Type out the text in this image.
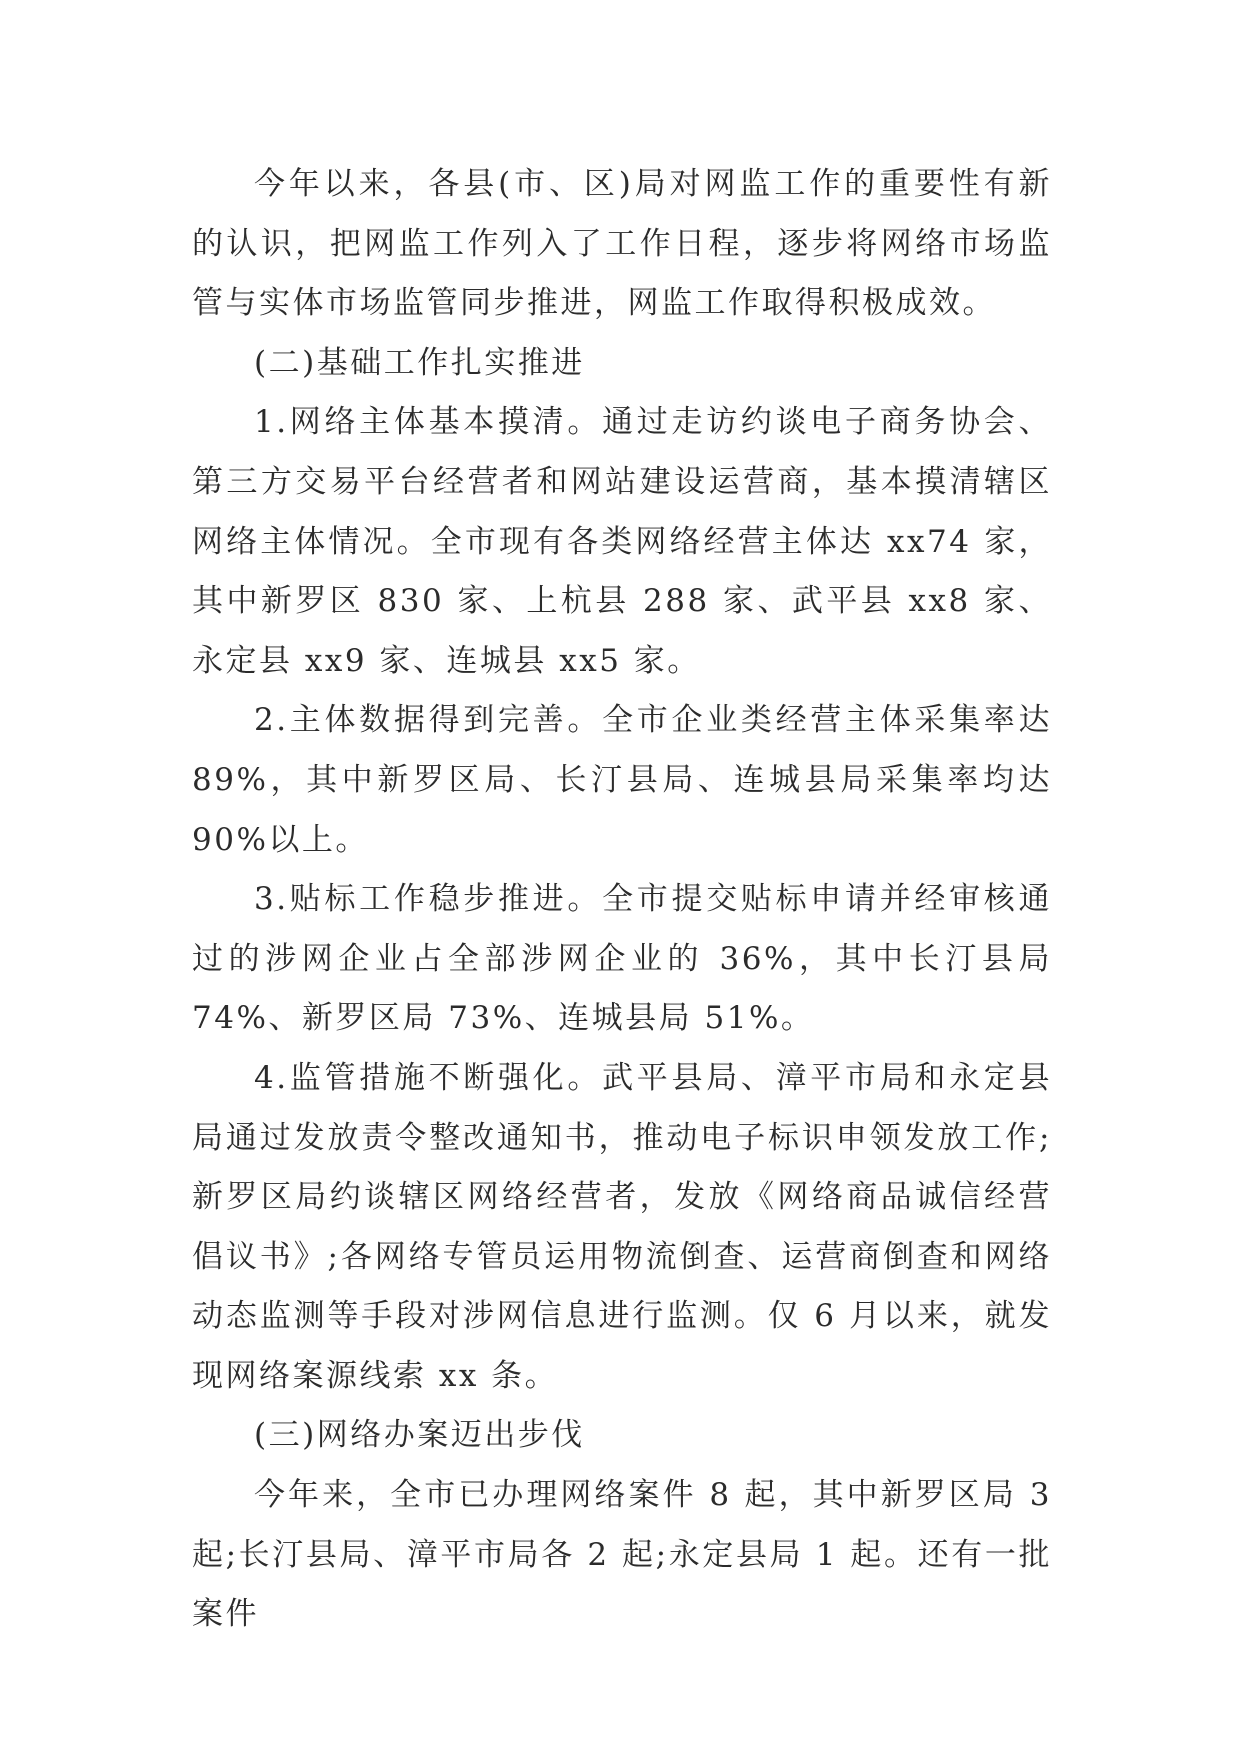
今年以来，各县(市、区)局对网监工作的重要性有新的认识，把网监工作列入了工作日程，逐步将网络市场监管与实体市场监管同步推进，网监工作取得积极成效。

(二)基础工作扎实推进

1.网络主体基本摸清。通过走访约谈电子商务协会、第三方交易平台经营者和网站建设运营商，基本摸清辖区网络主体情况。全市现有各类网络经营主体达 xx74 家，其中新罗区 830 家、上杭县 288 家、武平县 xx8 家、永定县 xx9 家、连城县 xx5 家。

2.主体数据得到完善。全市企业类经营主体采集率达89%，其中新罗区局、长汀县局、连城县局采集率均达 90%以上。

3.贴标工作稳步推进。全市提交贴标申请并经审核通过的涉网企业占全部涉网企业的 36%，其中长汀县局 74%、新罗区局 73%、连城县局 51%。

4.监管措施不断强化。武平县局、漳平市局和永定县局通过发放责令整改通知书，推动电子标识申领发放工作;新罗区局约谈辖区网络经营者，发放《网络商品诚信经营倡议书》;各网络专管员运用物流倒查、运营商倒查和网络动态监测等手段对涉网信息进行监测。仅 6 月以来，就发现网络案源线索 xx 条。

(三)网络办案迈出步伐

今年来，全市已办理网络案件 8 起，其中新罗区局 3 起;长汀县局、漳平市局各 2 起;永定县局 1 起。还有一批案件
